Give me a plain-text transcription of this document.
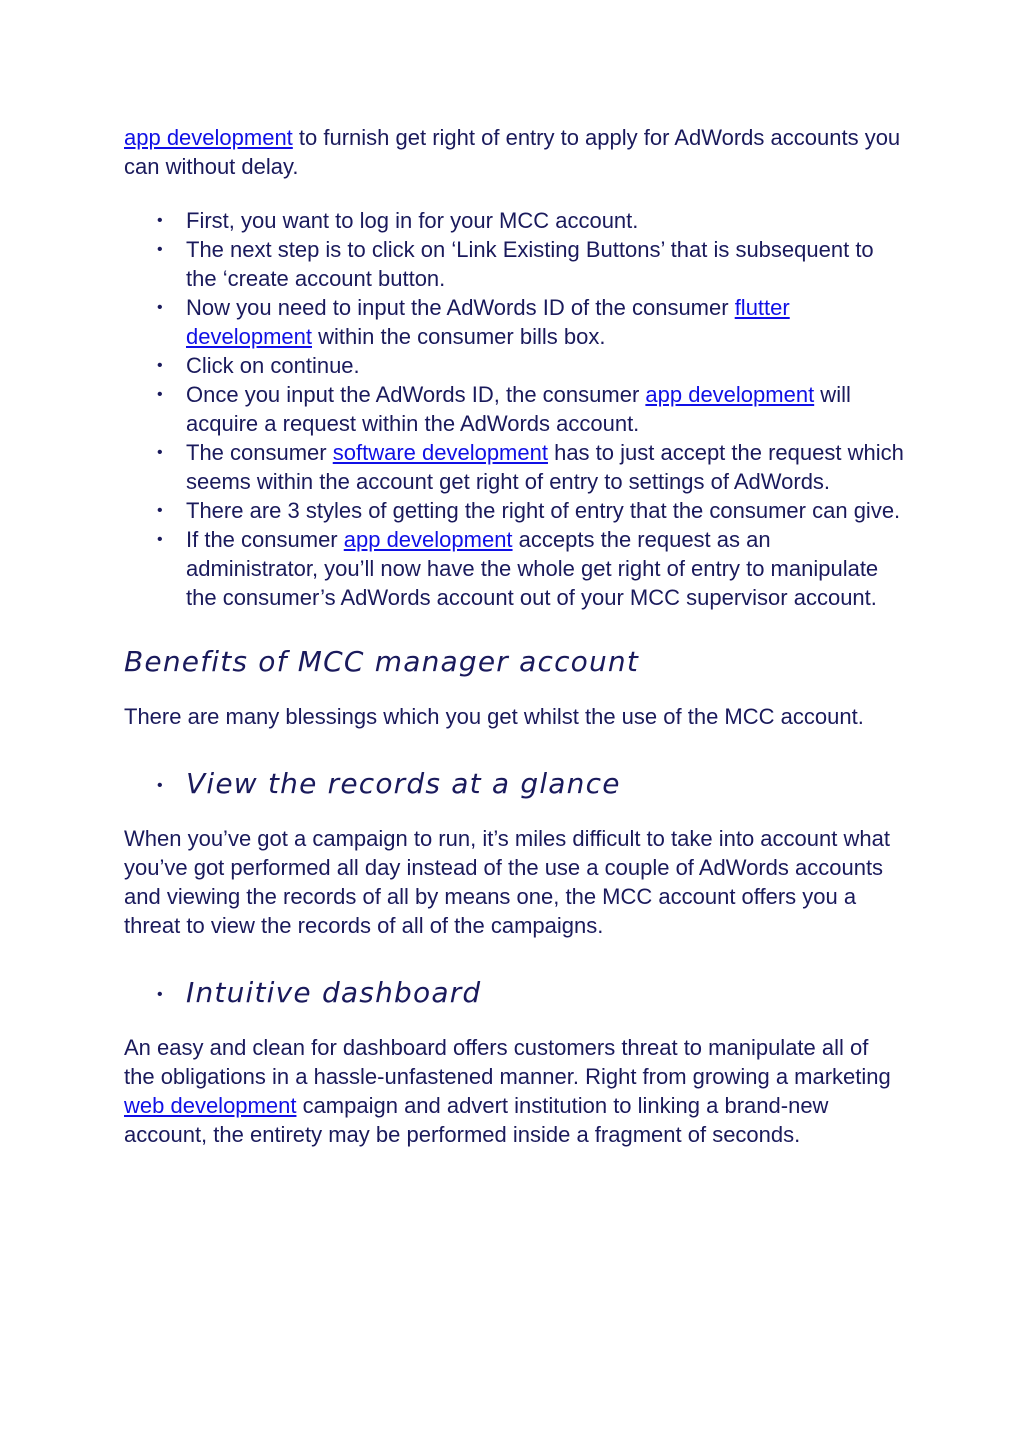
app development to furnish get right of entry to apply for AdWords accounts you can without delay.

• First, you want to log in for your MCC account.
• The next step is to click on ‘Link Existing Buttons’ that is subsequent to the ‘create account button.
• Now you need to input the AdWords ID of the consumer flutter development within the consumer bills box.
• Click on continue.
• Once you input the AdWords ID, the consumer app development will acquire a request within the AdWords account.
• The consumer software development has to just accept the request which seems within the account get right of entry to settings of AdWords.
• There are 3 styles of getting the right of entry that the consumer can give.
• If the consumer app development accepts the request as an administrator, you’ll now have the whole get right of entry to manipulate the consumer’s AdWords account out of your MCC supervisor account.
Benefits of MCC manager account

There are many blessings which you get whilst the use of the MCC account.

• View the records at a glance

When you’ve got a campaign to run, it’s miles difficult to take into account what you’ve got performed all day instead of the use a couple of AdWords accounts and viewing the records of all by means one, the MCC account offers you a threat to view the records of all of the campaigns.

• Intuitive dashboard

An easy and clean for dashboard offers customers threat to manipulate all of the obligations in a hassle-unfastened manner. Right from growing a marketing web development campaign and advert institution to linking a brand-new account, the entirety may be performed inside a fragment of seconds.
